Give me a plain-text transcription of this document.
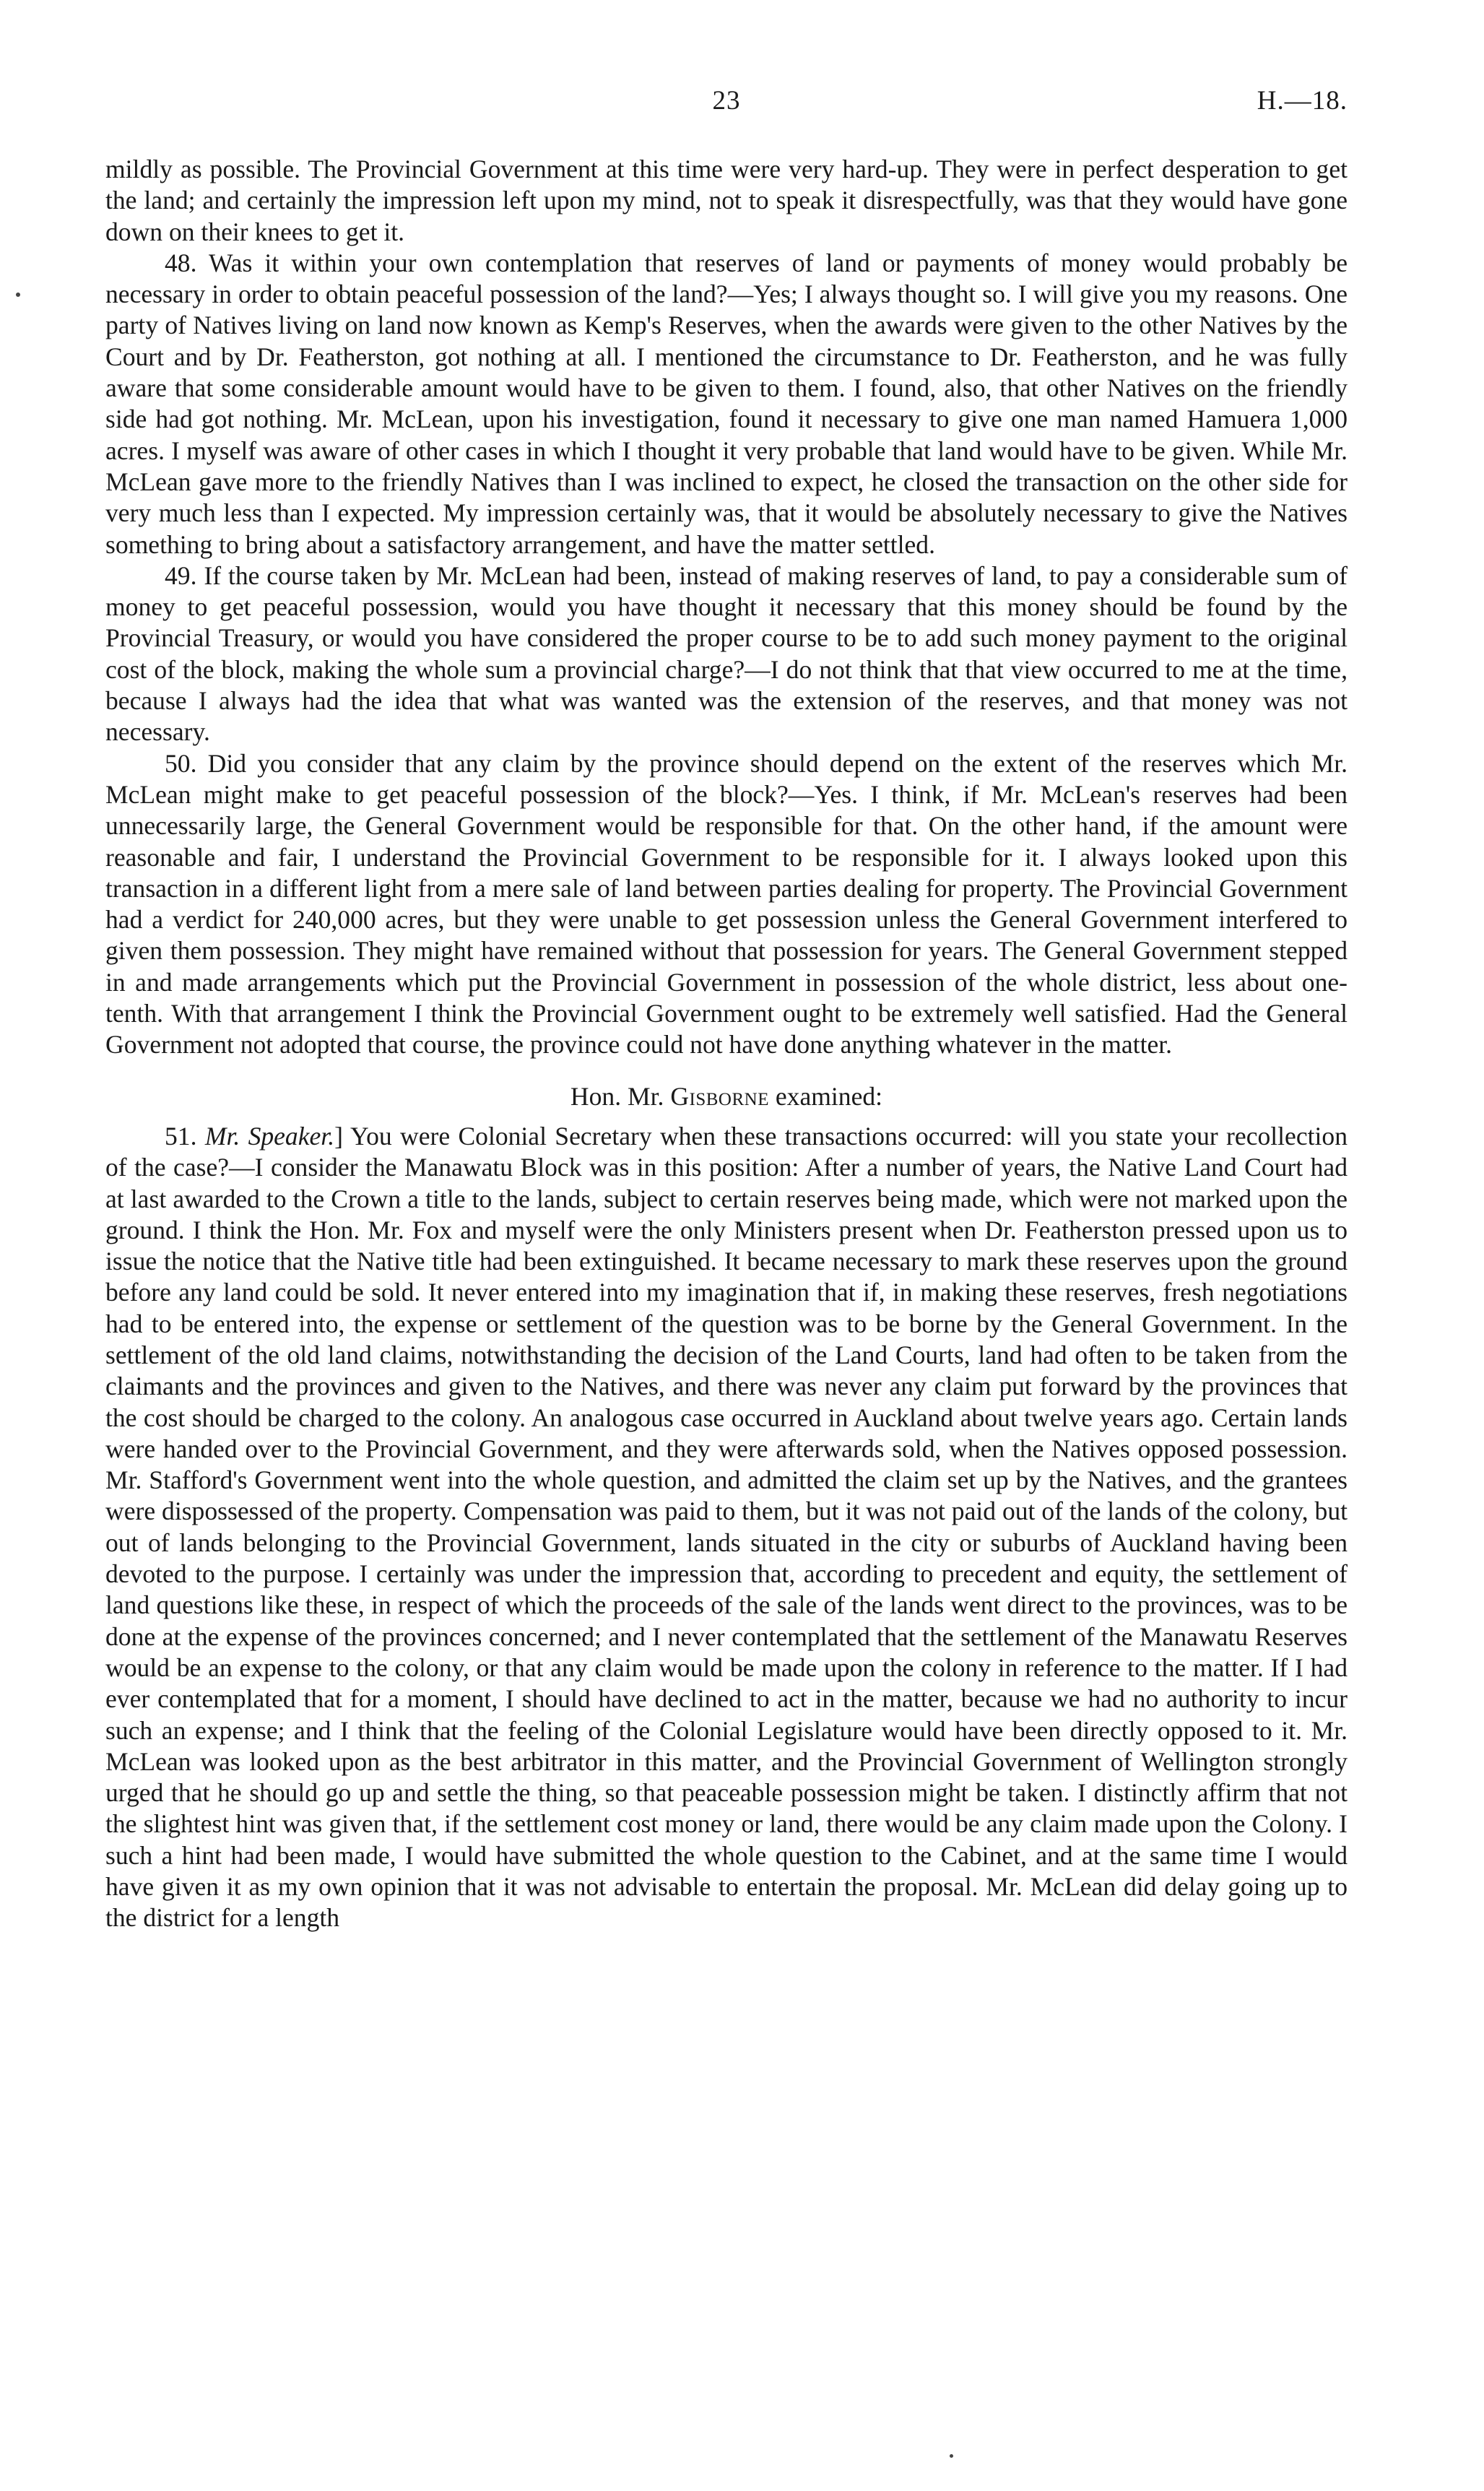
23	H.—18.

mildly as possible. The Provincial Government at this time were very hard-up. They were in perfect desperation to get the land; and certainly the impression left upon my mind, not to speak it disrespectfully, was that they would have gone down on their knees to get it.

48. Was it within your own contemplation that reserves of land or payments of money would probably be necessary in order to obtain peaceful possession of the land?—Yes; I always thought so. I will give you my reasons. One party of Natives living on land now known as Kemp's Reserves, when the awards were given to the other Natives by the Court and by Dr. Featherston, got nothing at all. I mentioned the circumstance to Dr. Featherston, and he was fully aware that some considerable amount would have to be given to them. I found, also, that other Natives on the friendly side had got nothing. Mr. McLean, upon his investigation, found it necessary to give one man named Hamuera 1,000 acres. I myself was aware of other cases in which I thought it very probable that land would have to be given. While Mr. McLean gave more to the friendly Natives than I was inclined to expect, he closed the transaction on the other side for very much less than I expected. My impression certainly was, that it would be absolutely necessary to give the Natives something to bring about a satisfactory arrangement, and have the matter settled.

49. If the course taken by Mr. McLean had been, instead of making reserves of land, to pay a considerable sum of money to get peaceful possession, would you have thought it necessary that this money should be found by the Provincial Treasury, or would you have considered the proper course to be to add such money payment to the original cost of the block, making the whole sum a provincial charge?—I do not think that that view occurred to me at the time, because I always had the idea that what was wanted was the extension of the reserves, and that money was not necessary.

50. Did you consider that any claim by the province should depend on the extent of the reserves which Mr. McLean might make to get peaceful possession of the block?—Yes. I think, if Mr. McLean's reserves had been unnecessarily large, the General Government would be responsible for that. On the other hand, if the amount were reasonable and fair, I understand the Provincial Government to be responsible for it. I always looked upon this transaction in a different light from a mere sale of land between parties dealing for property. The Provincial Government had a verdict for 240,000 acres, but they were unable to get possession unless the General Government interfered to given them possession. They might have remained without that possession for years. The General Government stepped in and made arrangements which put the Provincial Government in possession of the whole district, less about one-tenth. With that arrangement I think the Provincial Government ought to be extremely well satisfied. Had the General Government not adopted that course, the province could not have done anything whatever in the matter.

Hon. Mr. Gisborne examined:

51. Mr. Speaker.] You were Colonial Secretary when these transactions occurred: will you state your recollection of the case?—I consider the Manawatu Block was in this position: After a number of years, the Native Land Court had at last awarded to the Crown a title to the lands, subject to certain reserves being made, which were not marked upon the ground. I think the Hon. Mr. Fox and myself were the only Ministers present when Dr. Featherston pressed upon us to issue the notice that the Native title had been extinguished. It became necessary to mark these reserves upon the ground before any land could be sold. It never entered into my imagination that if, in making these reserves, fresh negotiations had to be entered into, the expense or settlement of the question was to be borne by the General Government. In the settlement of the old land claims, notwithstanding the decision of the Land Courts, land had often to be taken from the claimants and the provinces and given to the Natives, and there was never any claim put forward by the provinces that the cost should be charged to the colony. An analogous case occurred in Auckland about twelve years ago. Certain lands were handed over to the Provincial Government, and they were afterwards sold, when the Natives opposed possession. Mr. Stafford's Government went into the whole question, and admitted the claim set up by the Natives, and the grantees were dispossessed of the property. Compensation was paid to them, but it was not paid out of the lands of the colony, but out of lands belonging to the Provincial Government, lands situated in the city or suburbs of Auckland having been devoted to the purpose. I certainly was under the impression that, according to precedent and equity, the settlement of land questions like these, in respect of which the proceeds of the sale of the lands went direct to the provinces, was to be done at the expense of the provinces concerned; and I never contemplated that the settlement of the Manawatu Reserves would be an expense to the colony, or that any claim would be made upon the colony in reference to the matter. If I had ever contemplated that for a moment, I should have declined to act in the matter, because we had no authority to incur such an expense; and I think that the feeling of the Colonial Legislature would have been directly opposed to it. Mr. McLean was looked upon as the best arbitrator in this matter, and the Provincial Government of Wellington strongly urged that he should go up and settle the thing, so that peaceable possession might be taken. I distinctly affirm that not the slightest hint was given that, if the settlement cost money or land, there would be any claim made upon the Colony. I such a hint had been made, I would have submitted the whole question to the Cabinet, and at the same time I would have given it as my own opinion that it was not advisable to entertain the proposal. Mr. McLean did delay going up to the district for a length
